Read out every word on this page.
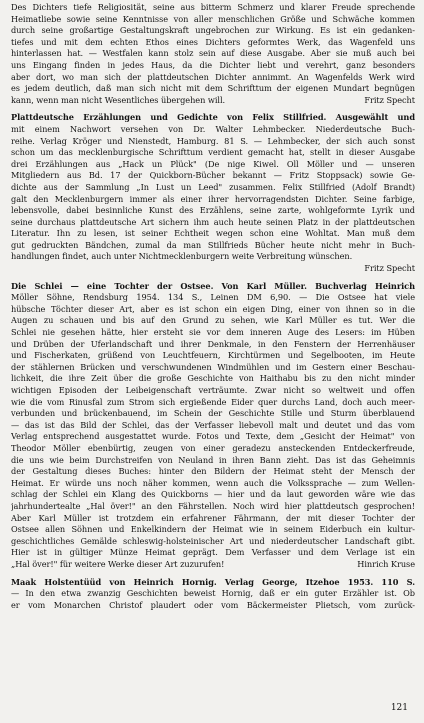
Des Dichters tiefe Religiosität, seine aus bitterm Schmerz und klarer Freude sprechende
Heimatliebe sowie seine Kenntnisse von aller menschlichen Größe und Schwäche kommen
durch seine großartige Gestaltungskraft ungebrochen zur Wirkung. Es ist ein gedanken-
tiefes und mit dem echten Ethos eines Dichters geformtes Werk, das Wagenfeld uns
hinterlassen hat. — Westfalen kann stolz sein auf diese Ausgabe. Aber sie muß auch bei
uns Eingang finden in jedes Haus, da die Dichter liebt und verehrt, ganz besonders
aber dort, wo man sich der plattdeutschen Dichter annimmt. An Wagenfelds Werk wird
es jedem deutlich, daß man sich nicht mit dem Schrifttum der eigenen Mundart begnügen
kann, wenn man nicht Wesentliches übergehen will.	Fritz Specht
Plattdeutsche Erzählungen und Gedichte von Felix Stillfried. Ausgewählt und
mit einem Nachwort versehen von Dr. Walter Lehmbecker. Niederdeutsche Buch-
reihe. Verlag Kröger und Nienstedt, Hamburg. 81 S. — Lehmbecker, der sich auch sonst
schon um das mecklenburgische Schrifttum verdient gemacht hat, stellt in dieser Ausgabe
drei Erzählungen aus „Hack un Plück" (De nige Kiwel. Oll Möller und — unseren
Mitgliedern aus Bd. 17 der Quickborn-Bücher bekannt — Fritz Stoppsack) sowie Ge-
dichte aus der Sammlung „In Lust un Leed" zusammen. Felix Stillfried (Adolf Brandt)
galt den Mecklenburgern immer als einer ihrer hervorragendsten Dichter. Seine farbige,
lebensvolle, dabei besinnliche Kunst des Erzählens, seine zarte, wohlgeformte Lyrik und
seine durchaus plattdeutsche Art sichern ihm auch heute seinen Platz in der plattdeutschen
Literatur. Ihn zu lesen, ist seiner Echtheit wegen schon eine Wohltat. Man muß dem
gut gedruckten Bändchen, zumal da man Stillfrieds Bücher heute nicht mehr in Buch-
handlungen findet, auch unter Nichtmecklenburgern weite Verbreitung wünschen.
Fritz Specht
Die Schlei — eine Tochter der Ostsee. Von Karl Müller. Buchverlag Heinrich
Möller Söhne, Rendsburg 1954. 134 S., Leinen DM 6,90. — Die Ostsee hat viele
hübsche Töchter dieser Art, aber es ist schon ein eigen Ding, einer von ihnen so in die
Augen zu schauen und bis auf den Grund zu sehen, wie Karl Müller es tut. Wer die
Schlei nie gesehen hätte, hier ersteht sie vor dem inneren Auge des Lesers: im Hüben
und Drüben der Uferlandschaft und ihrer Denkmale, in den Fenstern der Herrenhäuser
und Fischerkaten, grüßend von Leuchtfeuern, Kirchtürmen und Segelbooten, im Heute
der stählernen Brücken und verschwundenen Windmühlen und im Gestern einer Beschau-
lichkeit, die ihre Zeit über die große Geschichte von Haithabu bis zu den nicht minder
wichtigen Episoden der Leibeigenschaft verträumte. Zwar nicht so weltweit und offen
wie die vom Rinusfal zum Strom sich ergießende Eider quer durchs Land, doch auch meer-
verbunden und brückenbauend, im Schein der Geschichte Stille und Sturm überblauend
— das ist das Bild der Schlei, das der Verfasser liebevoll malt und deutet und das vom
Verlag entsprechend ausgestattet wurde. Fotos und Texte, dem „Gesicht der Heimat" von
Theodor Möller ebenbürtig, zeugen von einer geradezu ansteckenden Entdeckerfreude,
die uns wie beim Durchstreifen von Neuland in ihren Bann zieht. Das ist das Geheimnis
der Gestaltung dieses Buches: hinter den Bildern der Heimat steht der Mensch der
Heimat. Er würde uns noch näher kommen, wenn auch die Volkssprache — zum Wellen-
schlag der Schlei ein Klang des Quickborns — hier und da laut geworden wäre wie das
jahrhundertealte „Hal över!" an den Fährstellen. Noch wird hier plattdeutsch gesprochen!
Aber Karl Müller ist trotzdem ein erfahrener Fährmann, der mit dieser Tochter der
Ostsee allen Söhnen und Enkelkindern der Heimat wie in seinem Eiderbuch ein kultur-
geschichtliches Gemälde schleswig-holsteinischer Art und niederdeutscher Landschaft gibt.
Hier ist in gültiger Münze Heimat geprägt. Dem Verfasser und dem Verlage ist ein
„Hal över!" für weitere Werke dieser Art zuzurufen!	Hinrich Kruse
Maak Holstentüüd von Heinrich Hornig. Verlag George, Itzehoe 1953. 110 S.
— In den etwa zwanzig Geschichten beweist Hornig, daß er ein guter Erzähler ist. Ob
er vom Monarchen Christof plaudert oder vom Bäckermeister Plietsch, vom zurück-
121
